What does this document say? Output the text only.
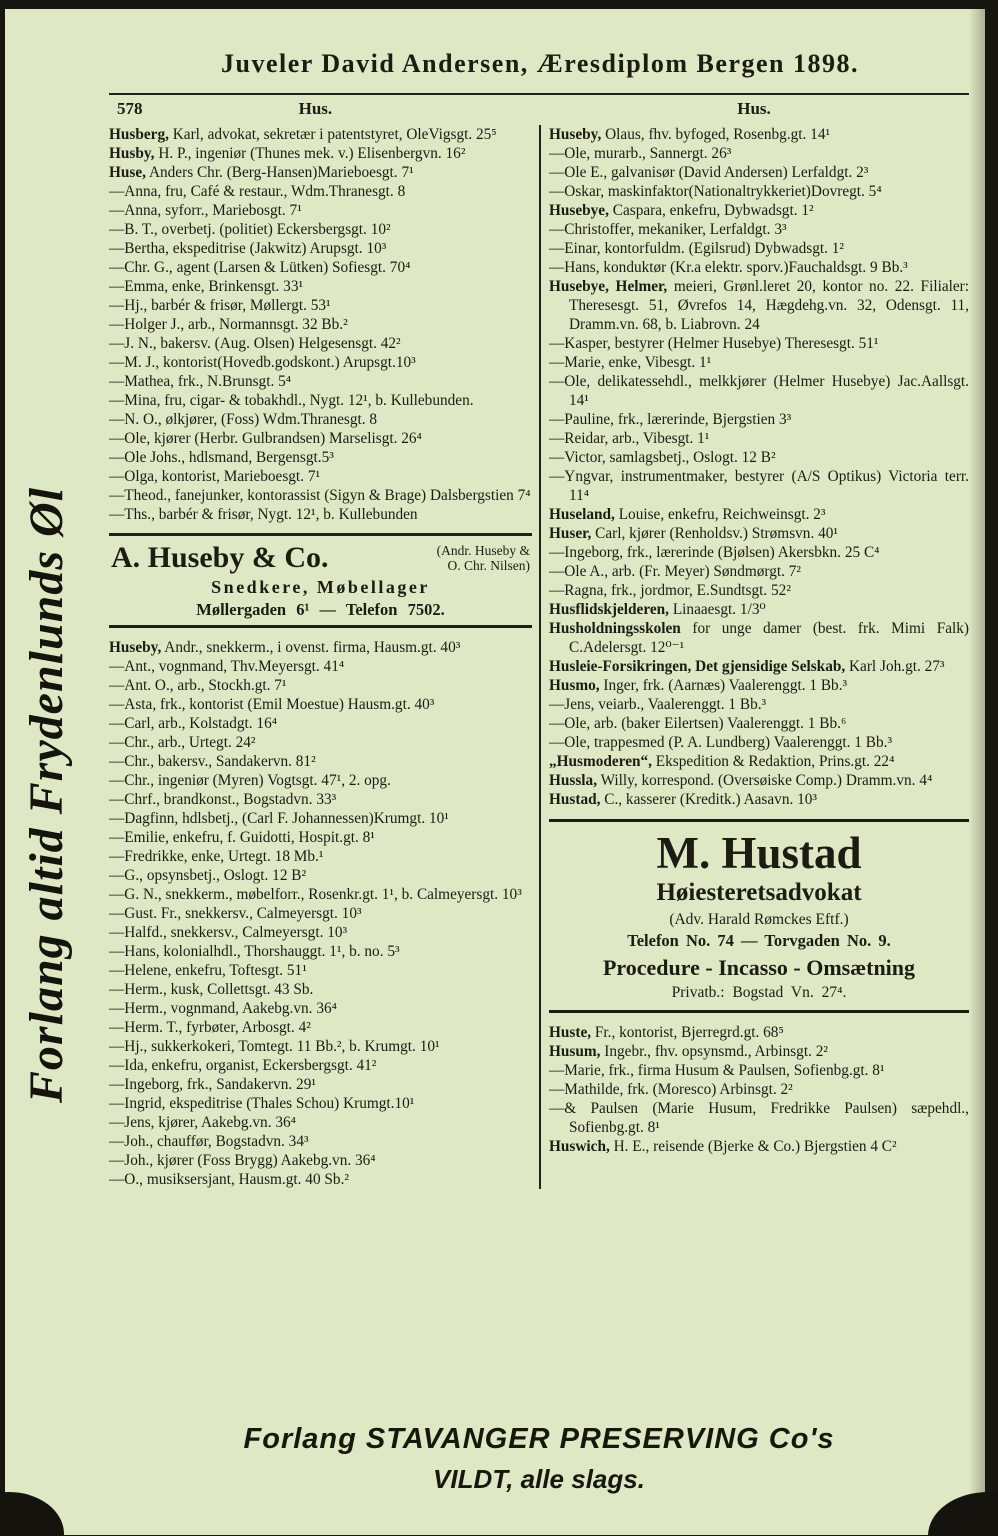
Forlang altid Frydenlunds Øl
Juveler David Andersen, Æresdiplom Bergen 1898.
578	Hus.	Hus.

Husberg, Karl, advokat, sekretær i patentstyret, OleVigsgt. 25⁵

Husby, H. P., ingeniør (Thunes mek. v.) Elisenbergvn. 16²

Huse, Anders Chr. (Berg-Hansen)Marieboesgt. 7¹

—Anna, fru, Café & restaur., Wdm.Thranesgt. 8

—Anna, syforr., Mariebosgt. 7¹

—B. T., overbetj. (politiet) Eckersbergsgt. 10²

—Bertha, ekspeditrise (Jakwitz) Arupsgt. 10³

—Chr. G., agent (Larsen & Lütken) Sofiesgt. 70⁴

—Emma, enke, Brinkensgt. 33¹

—Hj., barbér & frisør, Møllergt. 53¹

—Holger J., arb., Normannsgt. 32 Bb.²

—J. N., bakersv. (Aug. Olsen) Helgesensgt. 42²

—M. J., kontorist(Hovedb.godskont.) Arupsgt.10³

—Mathea, frk., N.Brunsgt. 5⁴

—Mina, fru, cigar- & tobakhdl., Nygt. 12¹, b. Kullebunden.

—N. O., ølkjører, (Foss) Wdm.Thranesgt. 8

—Ole, kjører (Herbr. Gulbrandsen) Marselisgt. 26⁴

—Ole Johs., hdlsmand, Bergensgt.5³

—Olga, kontorist, Marieboesgt. 7¹

—Theod., fanejunker, kontorassist (Sigyn & Brage) Dalsbergstien 7⁴

—Ths., barbér & frisør, Nygt. 12¹, b. Kullebunden

A. Huseby & Co.	(Andr. Huseby &
O. Chr. Nilsen)
Snedkere, Møbellager
Møllergaden 6¹ — Telefon 7502.

Huseby, Andr., snekkerm., i ovenst. firma, Hausm.gt. 40³

—Ant., vognmand, Thv.Meyersgt. 41⁴

—Ant. O., arb., Stockh.gt. 7¹

—Asta, frk., kontorist (Emil Moestue) Hausm.gt. 40³

—Carl, arb., Kolstadgt. 16⁴

—Chr., arb., Urtegt. 24²

—Chr., bakersv., Sandakervn. 81²

—Chr., ingeniør (Myren) Vogtsgt. 47¹, 2. opg.

—Chrf., brandkonst., Bogstadvn. 33³

—Dagfinn, hdlsbetj., (Carl F. Johannessen)Krumgt. 10¹

—Emilie, enkefru, f. Guidotti, Hospit.gt. 8¹

—Fredrikke, enke, Urtegt. 18 Mb.¹

—G., opsynsbetj., Oslogt. 12 B²

—G. N., snekkerm., møbelforr., Rosenkr.gt. 1¹, b. Calmeyersgt. 10³

—Gust. Fr., snekkersv., Calmeyersgt. 10³

—Halfd., snekkersv., Calmeyersgt. 10³

—Hans, kolonialhdl., Thorshauggt. 1¹, b. no. 5³

—Helene, enkefru, Toftesgt. 51¹

—Herm., kusk, Collettsgt. 43 Sb.

—Herm., vognmand, Aakebg.vn. 36⁴

—Herm. T., fyrbøter, Arbosgt. 4²

—Hj., sukkerkokeri, Tomtegt. 11 Bb.², b. Krumgt. 10¹

—Ida, enkefru, organist, Eckersbergsgt. 41²

—Ingeborg, frk., Sandakervn. 29¹

—Ingrid, ekspeditrise (Thales Schou) Krumgt.10¹

—Jens, kjører, Aakebg.vn. 36⁴

—Joh., chauffør, Bogstadvn. 34³

—Joh., kjører (Foss Brygg) Aakebg.vn. 36⁴

—O., musiksersjant, Hausm.gt. 40 Sb.²

Huseby, Olaus, fhv. byfoged, Rosenbg.gt. 14¹

—Ole, murarb., Sannergt. 26³

—Ole E., galvanisør (David Andersen) Lerfaldgt. 2³

—Oskar, maskinfaktor(Nationaltrykkeriet)Dovregt. 5⁴

Husebye, Caspara, enkefru, Dybwadsgt. 1²

—Christoffer, mekaniker, Lerfaldgt. 3³

—Einar, kontorfuldm. (Egilsrud) Dybwadsgt. 1²

—Hans, konduktør (Kr.a elektr. sporv.)Fauchaldsgt. 9 Bb.³

Husebye, Helmer, meieri, Grønl.leret 20, kontor no. 22. Filialer: Theresesgt. 51, Øvrefos 14, Hægdehg.vn. 32, Odensgt. 11, Dramm.vn. 68, b. Liabrovn. 24

—Kasper, bestyrer (Helmer Husebye) Theresesgt. 51¹

—Marie, enke, Vibesgt. 1¹

—Ole, delikatessehdl., melkkjører (Helmer Husebye) Jac.Aallsgt. 14¹

—Pauline, frk., lærerinde, Bjergstien 3³

—Reidar, arb., Vibesgt. 1¹

—Victor, samlagsbetj., Oslogt. 12 B²

—Yngvar, instrumentmaker, bestyrer (A/S Optikus) Victoria terr. 11⁴

Huseland, Louise, enkefru, Reichweinsgt. 2³

Huser, Carl, kjører (Renholdsv.) Strømsvn. 40¹

—Ingeborg, frk., lærerinde (Bjølsen) Akersbkn. 25 C⁴

—Ole A., arb. (Fr. Meyer) Søndmørgt. 7²

—Ragna, frk., jordmor, E.Sundtsgt. 52²

Husflidskjelderen, Linaaesgt. 1/3⁰

Husholdningsskolen for unge damer (best. frk. Mimi Falk) C.Adelersgt. 12⁰⁻¹

Husleie-Forsikringen, Det gjensidige Selskab, Karl Joh.gt. 27³

Husmo, Inger, frk. (Aarnæs) Vaalerenggt. 1 Bb.³

—Jens, veiarb., Vaalerenggt. 1 Bb.³

—Ole, arb. (baker Eilertsen) Vaalerenggt. 1 Bb.⁶

—Ole, trappesmed (P. A. Lundberg) Vaalerenggt. 1 Bb.³

„Husmoderen“, Ekspedition & Redaktion, Prins.gt. 22⁴

Hussla, Willy, korrespond. (Oversøiske Comp.) Dramm.vn. 4⁴

Hustad, C., kasserer (Kreditk.) Aasavn. 10³

M. Hustad
Høiesteretsadvokat
(Adv. Harald Rømckes Eftf.)
Telefon No. 74 — Torvgaden No. 9.
Procedure - Incasso - Omsætning
Privatb.: Bogstad Vn. 27⁴.

Huste, Fr., kontorist, Bjerregrd.gt. 68⁵

Husum, Ingebr., fhv. opsynsmd., Arbinsgt. 2²

—Marie, frk., firma Husum & Paulsen, Sofienbg.gt. 8¹

—Mathilde, frk. (Moresco) Arbinsgt. 2²

—& Paulsen (Marie Husum, Fredrikke Paulsen) sæpehdl., Sofienbg.gt. 8¹

Huswich, H. E., reisende (Bjerke & Co.) Bjergstien 4 C²

Forlang STAVANGER PRESERVING Co's
VILDT, alle slags.
